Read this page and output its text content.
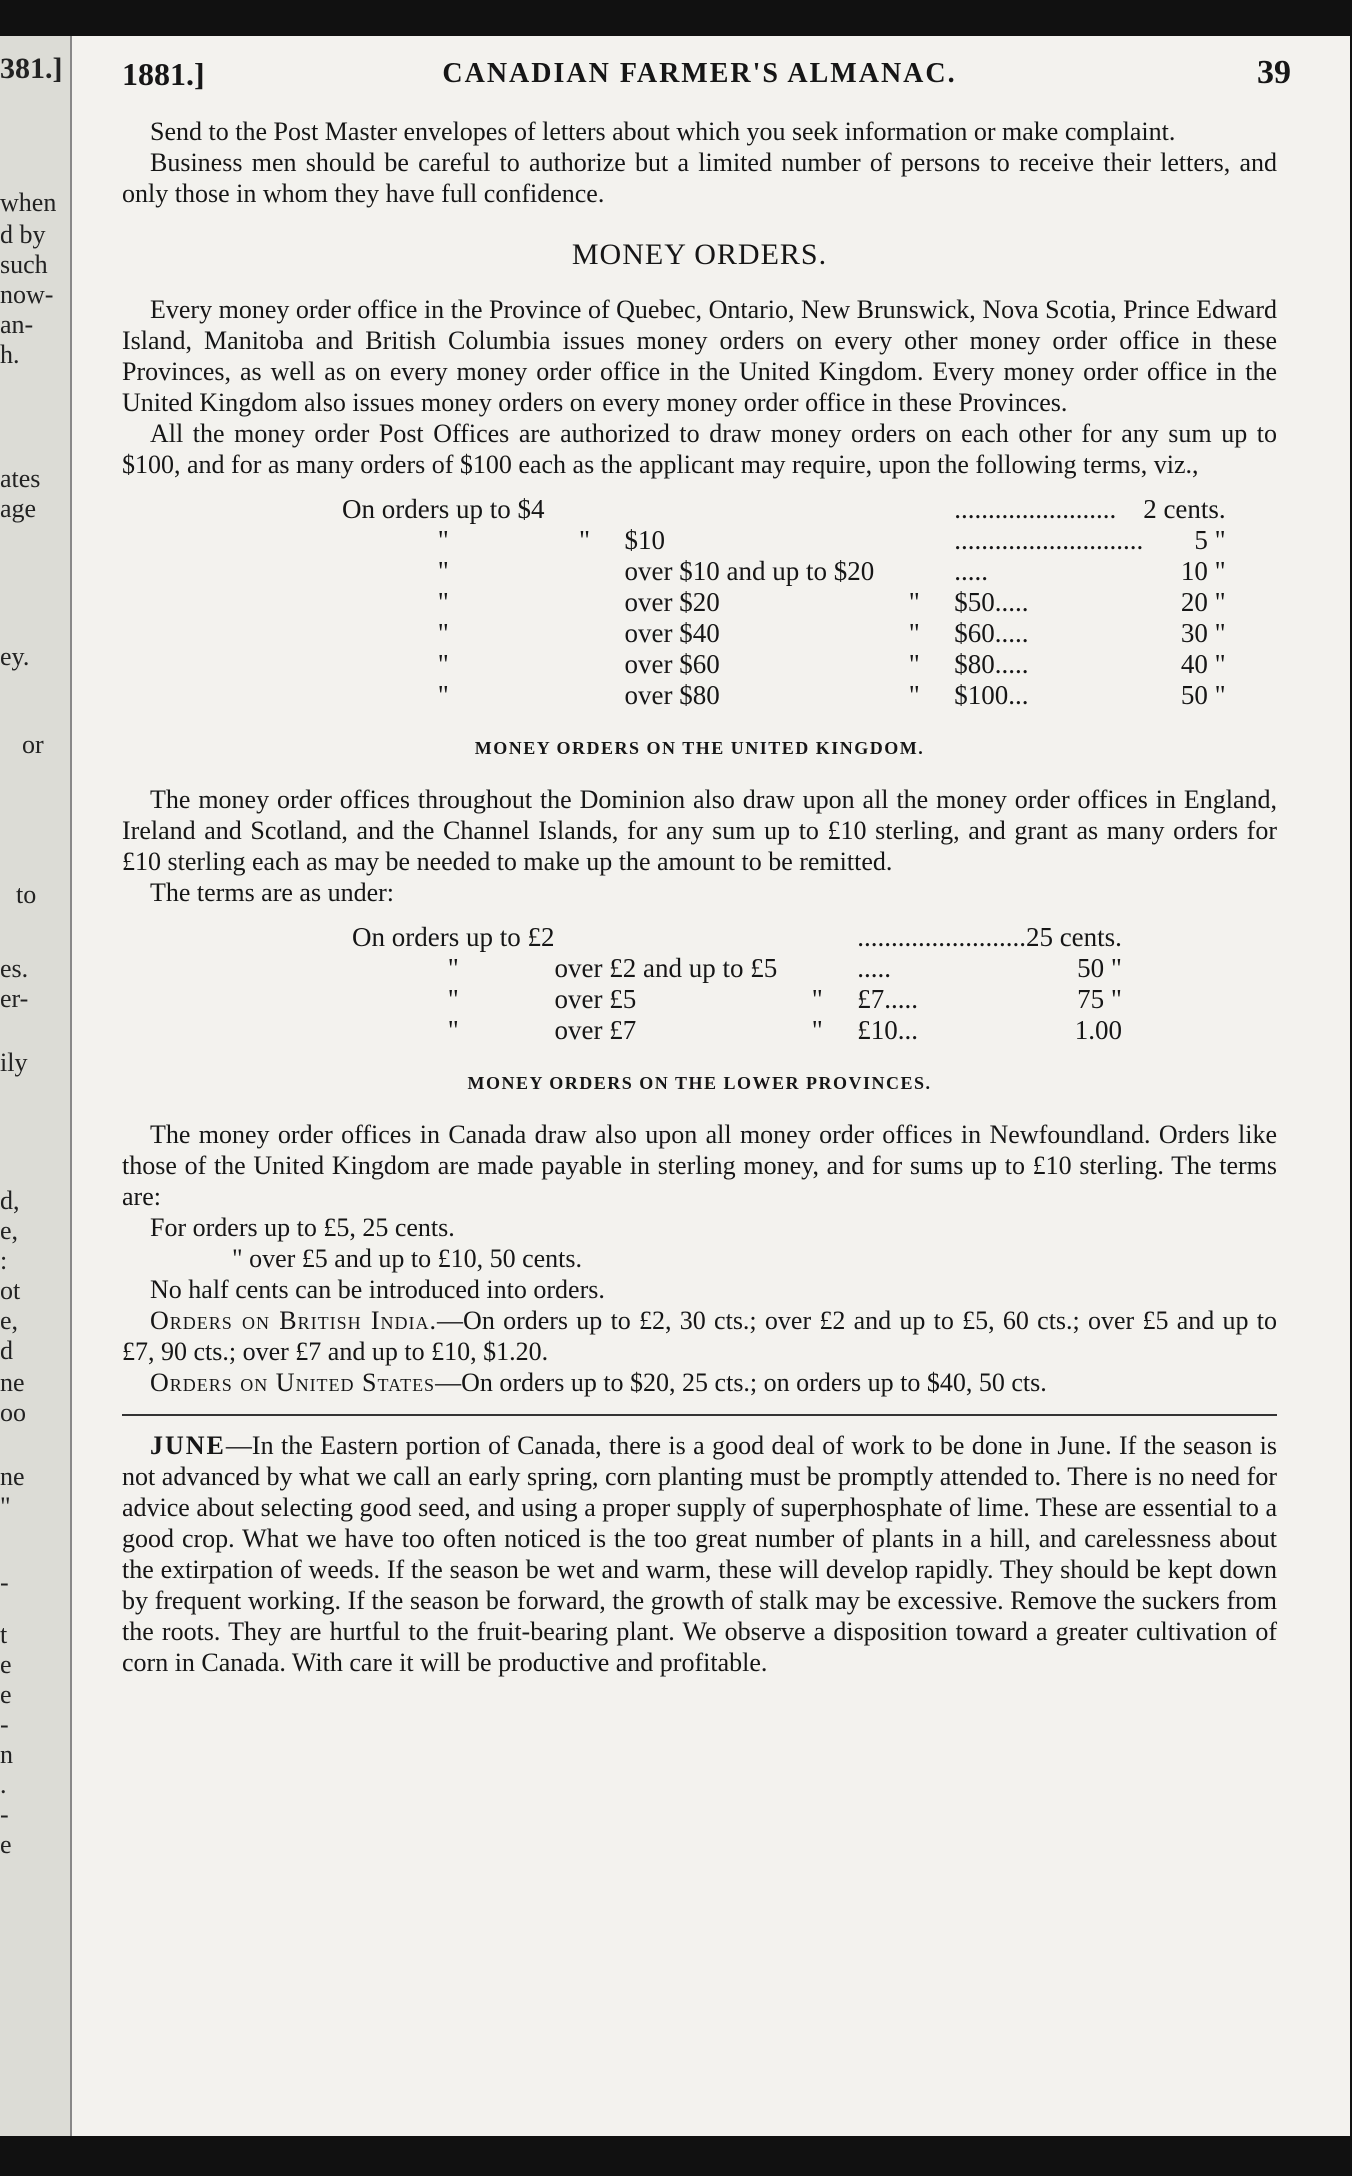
381.]
when
d by
such
now-
an-
h.
ates
age
ey.
or
to
es.
er-
ily
d,
e,
:
ot
e,
d
ne
oo
ne
"
-
t
e
e
-
n
.
-
e
1881.]	CANADIAN FARMER'S ALMANAC.	39

Send to the Post Master envelopes of letters about which you seek information or make complaint.

Business men should be careful to authorize but a limited number of persons to receive their letters, and only those in whom they have full confidence.

MONEY ORDERS.

Every money order office in the Province of Quebec, Ontario, New Brunswick, Nova Scotia, Prince Edward Island, Manitoba and British Columbia issues money orders on every other money order office in these Provinces, as well as on every money order office in the United Kingdom. Every money order office in the United Kingdom also issues money orders on every money order office in these Provinces.

All the money order Post Offices are authorized to draw money orders on each other for any sum up to $100, and for as many orders of $100 each as the applicant may require, upon the following terms, viz.,

On orders up to $4				........................	2 cents.
"	"	$10		............................	5 "
"		over $10 and up to $20		.....	10 "
"		over $20	"	$50.....	20 "
"		over $40	"	$60.....	30 "
"		over $60	"	$80.....	40 "
"		over $80	"	$100...	50 "
MONEY ORDERS ON THE UNITED KINGDOM.

The money order offices throughout the Dominion also draw upon all the money order offices in England, Ireland and Scotland, and the Channel Islands, for any sum up to £10 sterling, and grant as many orders for £10 sterling each as may be needed to make up the amount to be remitted.

The terms are as under:

On orders up to £2			.........................	25 cents.
"	over £2 and up to £5		.....	50 "
"	over £5	"	£7.....	75 "
"	over £7	"	£10...	1.00
MONEY ORDERS ON THE LOWER PROVINCES.

The money order offices in Canada draw also upon all money order offices in Newfoundland. Orders like those of the United Kingdom are made payable in sterling money, and for sums up to £10 sterling. The terms are:

For orders up to £5, 25 cents.

" over £5 and up to £10, 50 cents.

No half cents can be introduced into orders.

Orders on British India.—On orders up to £2, 30 cts.; over £2 and up to £5, 60 cts.; over £5 and up to £7, 90 cts.; over £7 and up to £10, $1.20.

Orders on United States—On orders up to $20, 25 cts.; on orders up to $40, 50 cts.

JUNE—In the Eastern portion of Canada, there is a good deal of work to be done in June. If the season is not advanced by what we call an early spring, corn planting must be promptly attended to. There is no need for advice about selecting good seed, and using a proper supply of superphosphate of lime. These are essential to a good crop. What we have too often noticed is the too great number of plants in a hill, and carelessness about the extirpation of weeds. If the season be wet and warm, these will develop rapidly. They should be kept down by frequent working. If the season be forward, the growth of stalk may be excessive. Remove the suckers from the roots. They are hurtful to the fruit-bearing plant. We observe a disposition toward a greater cultivation of corn in Canada. With care it will be productive and profitable.
